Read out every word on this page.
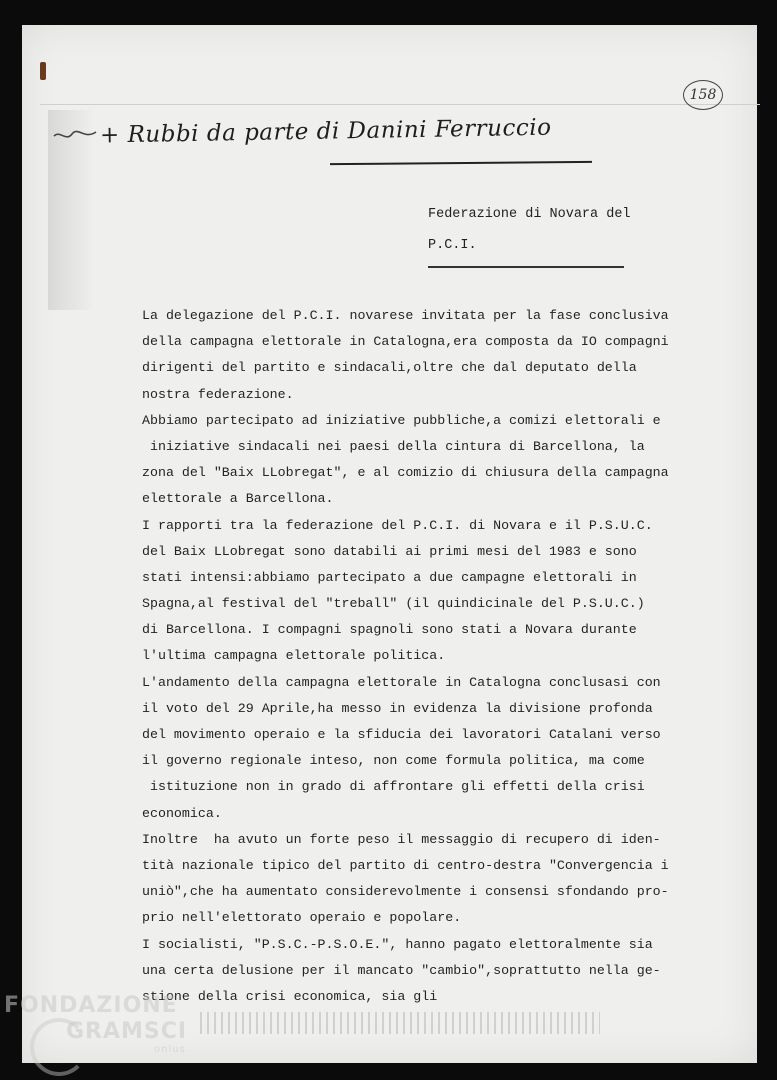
158
+ Rubbi da parte di Danini Ferruccio
Federazione di Novara del
P.C.I.
La delegazione del P.C.I. novarese invitata per la fase conclusiva
della campagna elettorale in Catalogna,era composta da IO compagni
dirigenti del partito e sindacali,oltre che dal deputato della
nostra federazione.
Abbiamo partecipato ad iniziative pubbliche,a comizi elettorali e
iniziative sindacali nei paesi della cintura di Barcellona, la
zona del "Baix LLobregat", e al comizio di chiusura della campagna
elettorale a Barcellona.
I rapporti tra la federazione del P.C.I. di Novara e il P.S.U.C.
del Baix LLobregat sono databili ai primi mesi del 1983 e sono
stati intensi:abbiamo partecipato a due campagne elettorali in
Spagna,al festival del "treball" (il quindicinale del P.S.U.C.)
di Barcellona. I compagni spagnoli sono stati a Novara durante
l'ultima campagna elettorale politica.
L'andamento della campagna elettorale in Catalogna conclusasi con
il voto del 29 Aprile,ha messo in evidenza la divisione profonda
del movimento operaio e la sfiducia dei lavoratori Catalani verso
il governo regionale inteso, non come formula politica, ma come
istituzione non in grado di affrontare gli effetti della crisi
economica.
Inoltre  ha avuto un forte peso il messaggio di recupero di iden-
tità nazionale tipico del partito di centro-destra "Convergencia i
uniò",che ha aumentato considerevolmente i consensi sfondando pro-
prio nell'elettorato operaio e popolare.
I socialisti, "P.S.C.-P.S.O.E.", hanno pagato elettoralmente sia
una certa delusione per il mancato "cambio",soprattutto nella ge-
stione della crisi economica, sia gli
FONDAZIONE
GRAMSCI
onlus
